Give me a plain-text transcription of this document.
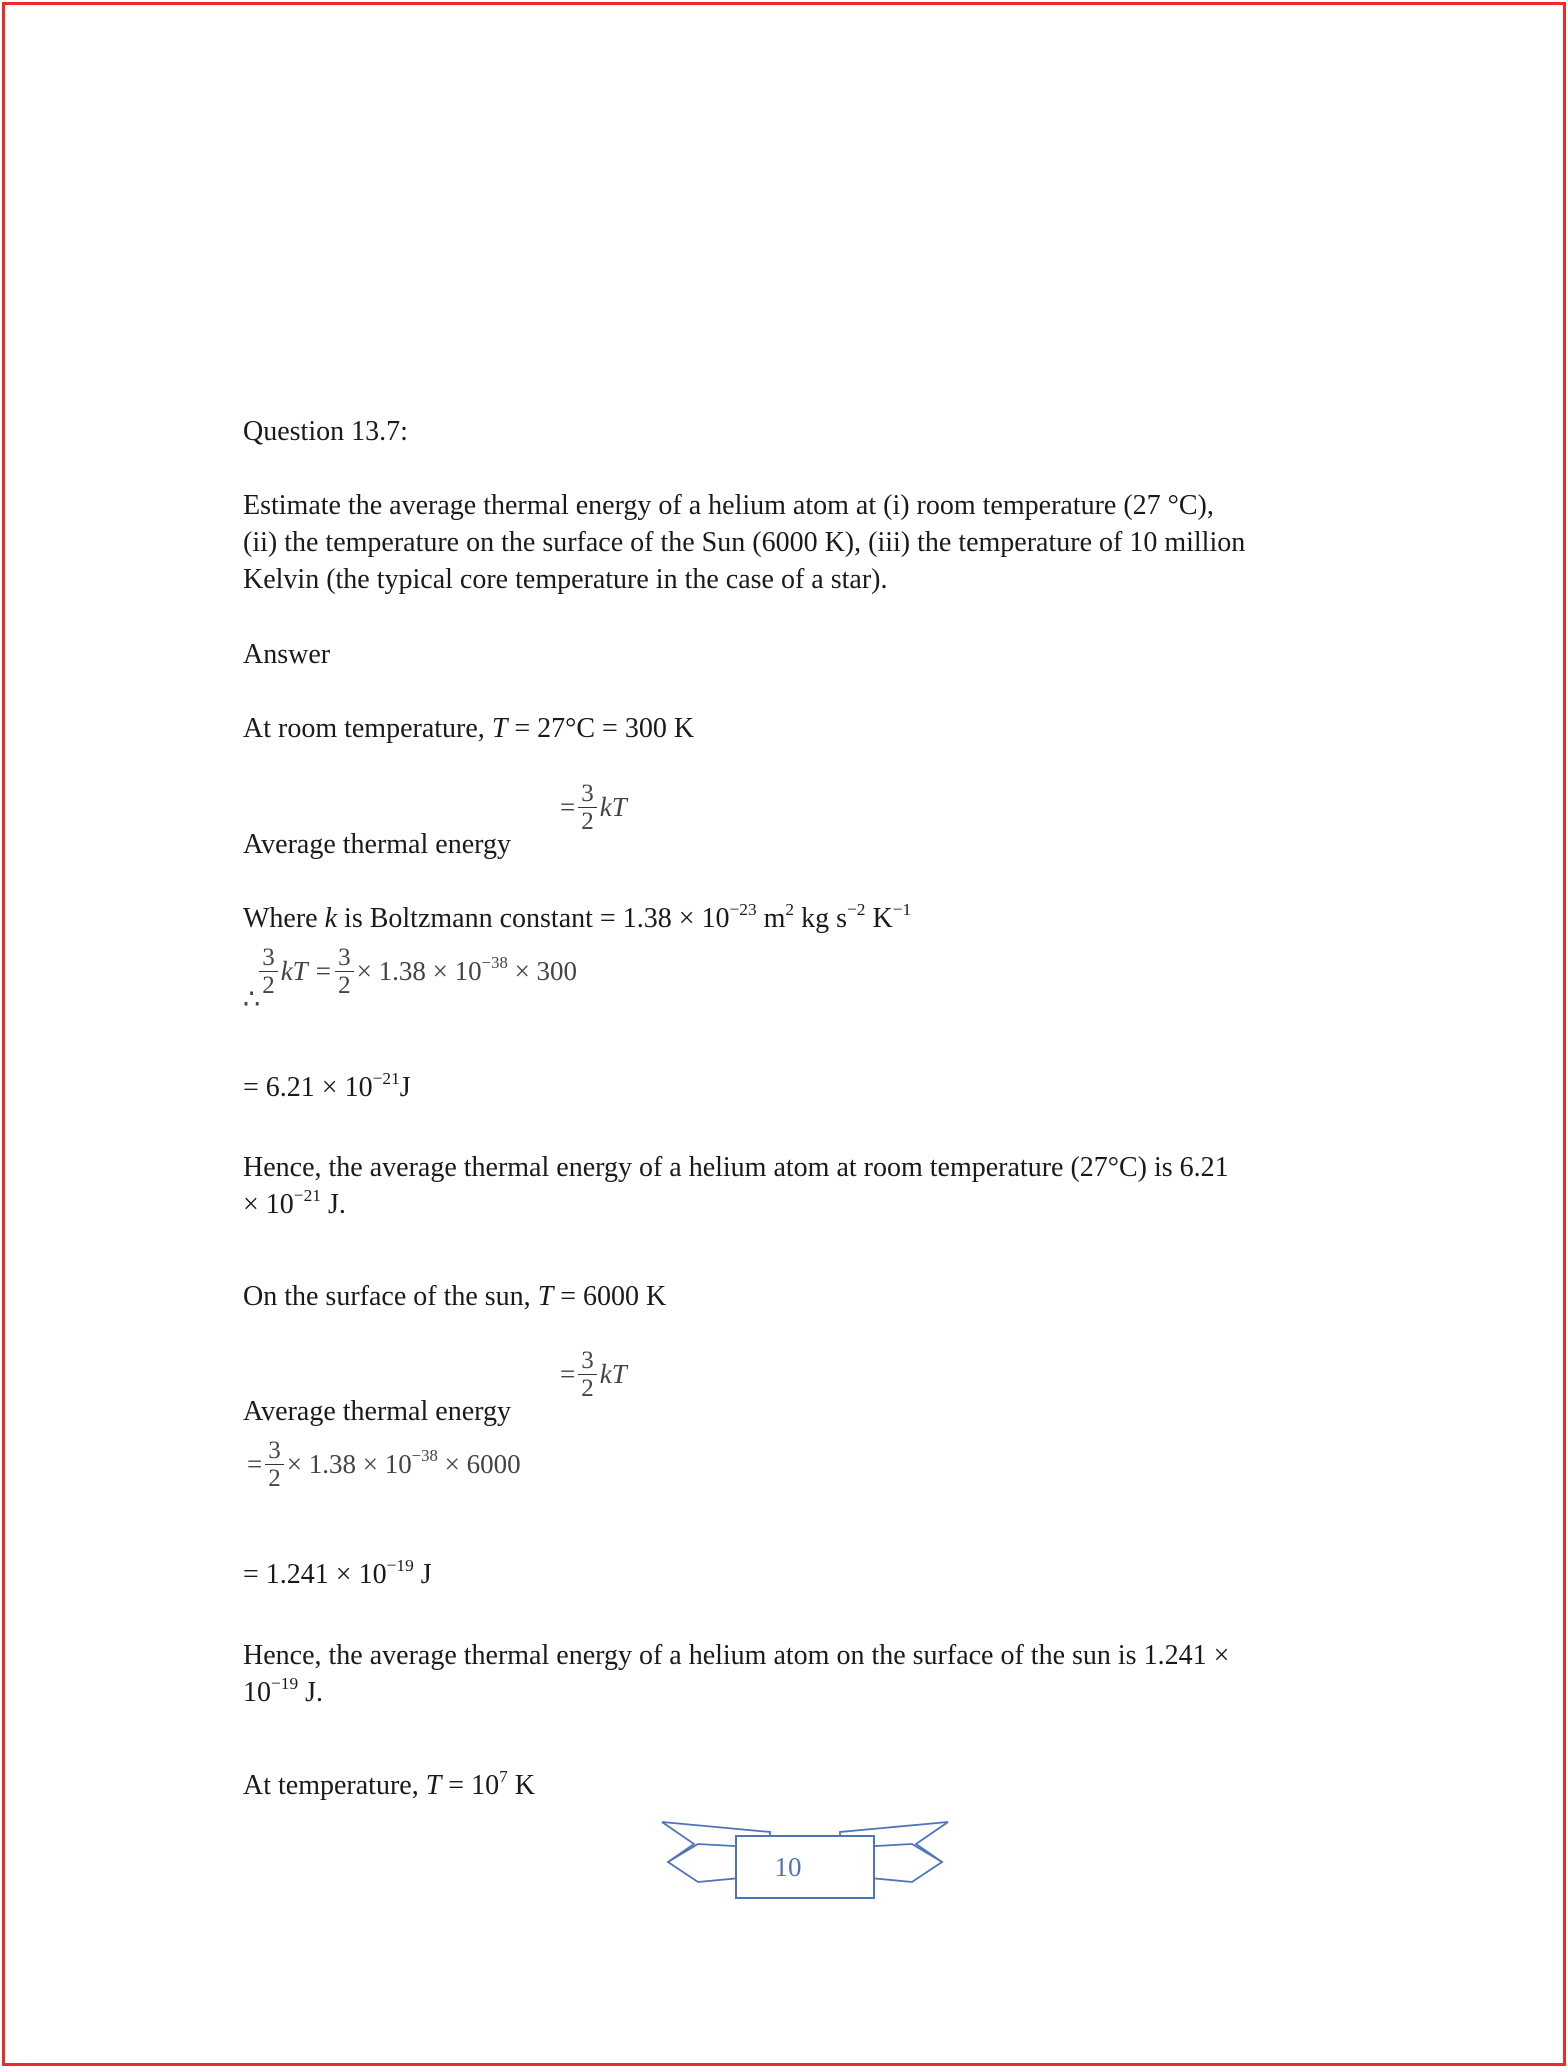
Question 13.7:
Estimate the average thermal energy of a helium atom at (i) room temperature (27 °C),
(ii) the temperature on the surface of the Sun (6000 K), (iii) the temperature of 10 million
Kelvin (the typical core temperature in the case of a star).
Answer
At room temperature, T = 27°C = 300 K
= $\frac{3}{2}$ kT
Average thermal energy
Where k is Boltzmann constant = $1.38 \times 10^{-23}$ $m^2$ kg $s^{-2}$ $K^{-1}$
∴ $\frac{3}{2}$ kT = $\frac{3}{2} \times 1.38 \times 10^{-38} \times 300$
= $6.21 \times 10^{-21}J$
Hence, the average thermal energy of a helium atom at room temperature (27°C) is 6.21
× $10^{-21}$ J.
On the surface of the sun, T = 6000 K
= $\frac{3}{2}$ kT
Average thermal energy
= $\frac{3}{2} \times 1.38 \times 10^{-38} \times 6000$
= $1.241 \times 10^{-19}$ J
Hence, the average thermal energy of a helium atom on the surface of the sun is 1.241 ×
$10^{-19}$ J.
At temperature, $T = 10^7$ K
10
